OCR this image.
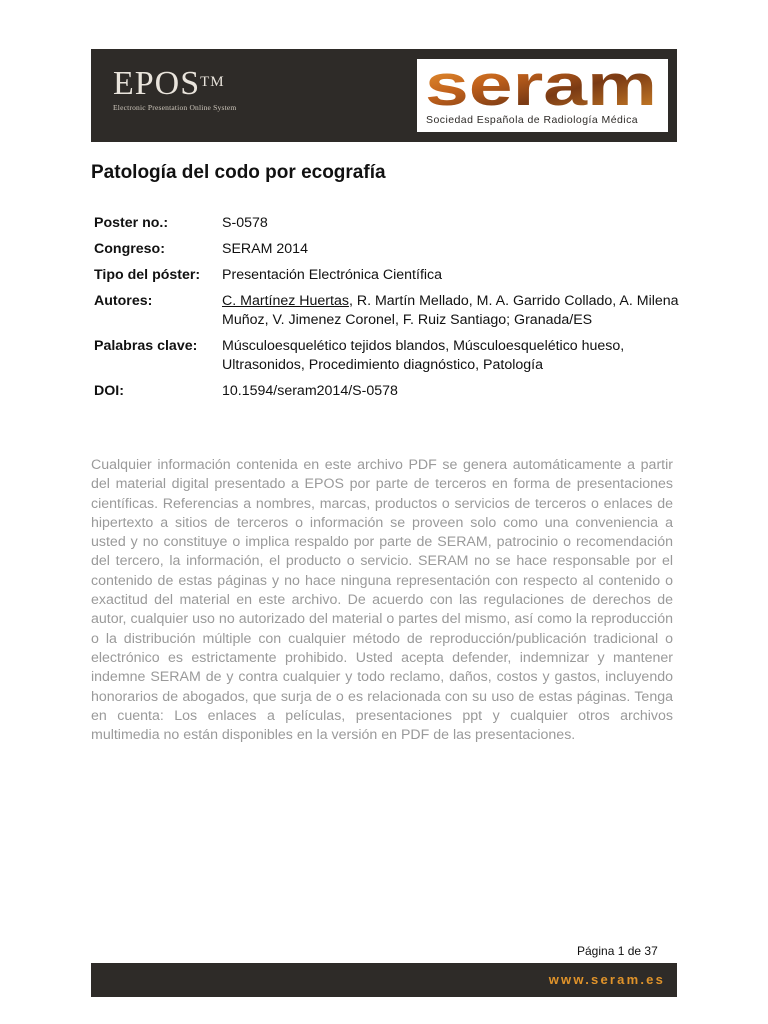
EPOS™
Electronic Presentation Online System	seram
Sociedad Española de Radiología Médica
Patología del codo por ecografía
Poster no.:	S-0578
Congreso:	SERAM 2014
Tipo del póster:	Presentación Electrónica Científica
Autores:	C. Martínez Huertas, R. Martín Mellado, M. A. Garrido Collado, A. Milena Muñoz, V. Jimenez Coronel, F. Ruiz Santiago; Granada/ES
Palabras clave:	Músculoesquelético tejidos blandos, Músculoesquelético hueso, Ultrasonidos, Procedimiento diagnóstico, Patología
DOI:	10.1594/seram2014/S-0578

Cualquier información contenida en este archivo PDF se genera automáticamente a partir del material digital presentado a EPOS por parte de terceros en forma de presentaciones científicas. Referencias a nombres, marcas, productos o servicios de terceros o enlaces de hipertexto a sitios de terceros o información se proveen solo como una conveniencia a usted y no constituye o implica respaldo por parte de SERAM, patrocinio o recomendación del tercero, la información, el producto o servicio. SERAM no se hace responsable por el contenido de estas páginas y no hace ninguna representación con respecto al contenido o exactitud del material en este archivo. De acuerdo con las regulaciones de derechos de autor, cualquier uso no autorizado del material o partes del mismo, así como la reproducción o la distribución múltiple con cualquier método de reproducción/publicación tradicional o electrónico es estrictamente prohibido. Usted acepta defender, indemnizar y mantener indemne SERAM de y contra cualquier y todo reclamo, daños, costos y gastos, incluyendo honorarios de abogados, que surja de o es relacionada con su uso de estas páginas. Tenga en cuenta: Los enlaces a películas, presentaciones ppt y cualquier otros archivos multimedia no están disponibles en la versión en PDF de las presentaciones.

Página 1 de 37
www.seram.es
